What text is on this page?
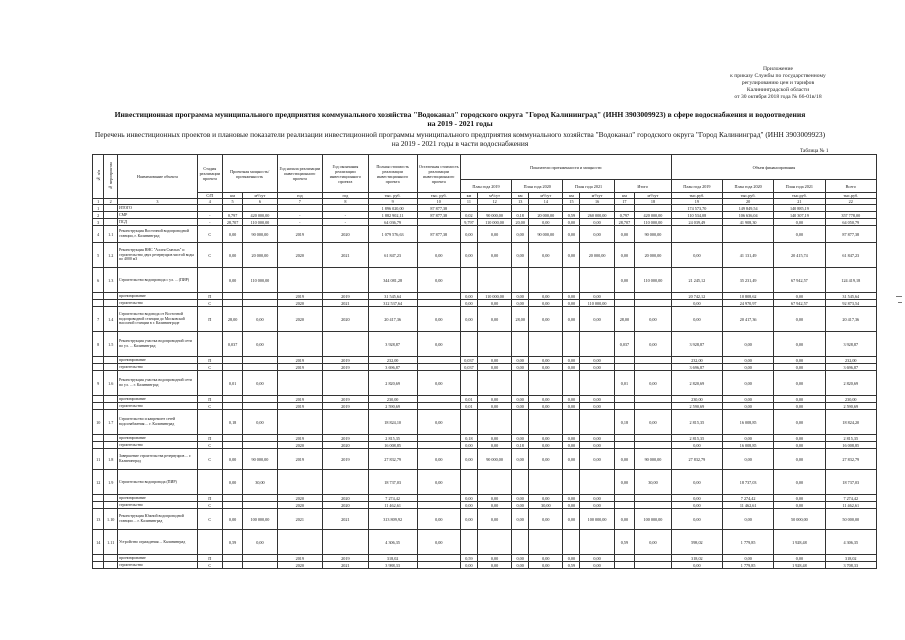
Приложение
к приказу Службы по государственному
регулированию цен и тарифов
Калининградской области
от 30 октября 2018 года № 66-01в/18
Инвестиционная программа муниципального предприятия коммунального хозяйства "Водоканал" городского округа "Город Калининград" (ИНН 3903009923) в сфере водоснабжения и водоотведения
на 2019 - 2021 годы
Перечень инвестиционных проектов и плановые показатели реализации инвестиционной программы муниципального предприятия коммунального хозяйства "Водоканал" городского округа "Город Калининград" (ИНН 3903009923)
на 2019 - 2021 годы в части водоснабжения
Таблица № 1
№ п/п	№ мероприятия	Наименование объекта	Стадия реализации проекта	Проектная мощность/ протяженность		Год начала реализации инвестиционного проекта	Год окончания реализации инвестиционного проекта	Полная стоимость реализации инвестиционного проекта	Остаточная стоимость реализации инвестиционного проекта	Показатели протяженности и мощности								Объем финансирования			
										План года 2019		План года 2020		План года 2021		Итого		План года 2019	План года 2020	План года 2021	Всего
			С/П	км	м³/сут	год	год	тыс. руб.	тыс. руб.	км	м³/сут	км	м³/сут	км	м³/сут	км	м³/сут	тыс.руб.	тыс.руб.	тыс.руб.	тыс.руб.
1	2	3	4	5	6	7	8	9	10	11	12	13	14	15	16	17	18	19	20	21	22
1		ИТОГО						1 896 020,00	87 877,38									174 573,70	149 849,54	140 885,19	
2		СМР	-	0,797	420 000,00	-	-	1 882 902,11	87 877,38	0,02	90 000,00	0,18	20 000,00	0,59	260 000,00	0,797	420 000,00	110 534,08	106 636,04	140 307,19	357 778,00
3		ПСД	-	28,707	110 000,00	-	-	64 036,79		9,797	110 000,00	20,00	0,00	0,00	0,00	28,707	110 000,00	24 039,49	41 908,30	0,00	64 050,79
4	1.1	Реконструкция Восточной водопроводной станции, г. Калининград	С	0,00	90 000,00	2019	2020	1 079 576,63	87 877,38	0,00	0,00	0,00	90 000,00	0,00	0,00	0,00	90 000,00			0,00	87 877,38
5	1.2	Реконструкция ВНС "Аллея Смелых" и строительство двух резервуаров чистой воды по 4000 м3	С	0,00	20 000,00	2020	2021	61 847,23	0,00	0,00	0,00	0,00	0,00	0,00	20 000,00	0,00	20 000,00	0,00	41 131,49	20 415,74	61 847,23
6	1.3	Строительство водопровода с ул. ... (ПИР)		0,00	110 000,00			344 081,28	0,00							0,00	110 000,00	21 245,12	35 231,49	67 942,57	124 419,18
		проектирование	П			2019	2019	31 545,64		0,00	110 000,00	0,00	0,00	0,00	0,00			20 742,12	10 808,62	0,00	31 545,64
		строительство	С			2020	2021	312 537,64		0,00	0,00	0,00	0,00	0,00	110 000,00			0,00	24 970,97	67 942,57	92 873,54
7	1.4	Строительство водовода от Восточной водопроводной станции до Московской насосной станции в г. Калининграде	П	28,00	0,00	2020	2020	20 417,36	0,00	0,00	0,00	28,00	0,00	0,00	0,00	28,00	0,00	0,00	20 417,36	0,00	20 417,36
8	1.5	Реконструкция участка водопроводной сети по ул. ... Калининград		0,037	0,00			3 928,87	0,00							0,037	0,00	3 928,87	0,00	0,00	3 928,87
		проектирование	П			2019	2019	232,00		0,037	0,00	0,00	0,00	0,00	0,00			232,00	0,00	0,00	232,00
		строительство	С			2019	2019	3 696,87		0,037	0,00	0,00	0,00	0,00	0,00			3 696,87	0,00	0,00	3 696,87
9	1.6	Реконструкция участка водопроводной сети по ул. ... г. Калининград		0,01	0,00			2 820,69	0,00							0,01	0,00	2 820,69	0,00	0,00	2 820,69
		проектирование	П			2019	2019	230,00		0,01	0,00	0,00	0,00	0,00	0,00			230,00	0,00	0,00	230,00
		строительство	С			2019	2019	2 590,69		0,01	0,00	0,00	0,00	0,00	0,00			2 590,69	0,00	0,00	2 590,69
10	1.7	Строительство и капремонт сетей водоснабжения ... г. Калининград		0,18	0,00			18 824,10	0,00							0,18	0,00	2 815,35	16 008,85	0,00	18 824,20
		проектирование	П			2019	2019	2 815,35		0,18	0,00	0,00	0,00	0,00	0,00			2 815,35	0,00	0,00	2 815,35
		строительство	С			2020	2020	16 008,85		0,00	0,00	0,18	0,00	0,00	0,00			0,00	16 008,85	0,00	16 008,85
11	1.8	Завершение строительства резервуаров ... г. Калининград	С	0,00	90 000,00	2019	2019	27 832,79	0,00	0,00	90 000,00	0,00	0,00	0,00	0,00	0,00	90 000,00	27 832,79	0,00	0,00	27 832,79
12	1.9	Строительство водопровода (ПИР)		0,00	30,00			18 737,03	0,00							0,00	30,00	0,00	18 737,03	0,00	18 737,03
		проектирование	П			2020	2020	7 274,42		0,00	0,00	0,00	0,00	0,00	0,00			0,00	7 274,42	0,00	7 274,42
		строительство	С			2020	2020	11 462,61		0,00	0,00	0,00	30,00	0,00	0,00			0,00	11 462,61	0,00	11 462,61
13	1.10	Реконструкция Южной водопроводной станции ... г. Калининград	С	0,00	100 000,00	2021	2021	313 809,92	0,00	0,00	0,00	0,00	0,00	0,00	100 000,00	0,00	100 000,00	0,00	0,00	50 000,00	50 000,00
14	1.11	Устройство ограждения ... Калининград		0,59	0,00			4 306,35	0,00							0,59	0,00	598,02	1 779,85	1 928,48	4 306,35
		проектирование	П			2019	2019	318,02		0,59	0,00	0,00	0,00	0,00	0,00			318,02	0,00	0,00	318,02
		строительство	С			2020	2021	3 988,33		0,00	0,00	0,00	0,00	0,59	0,00			0,00	1 779,85	1 928,48	3 708,33
